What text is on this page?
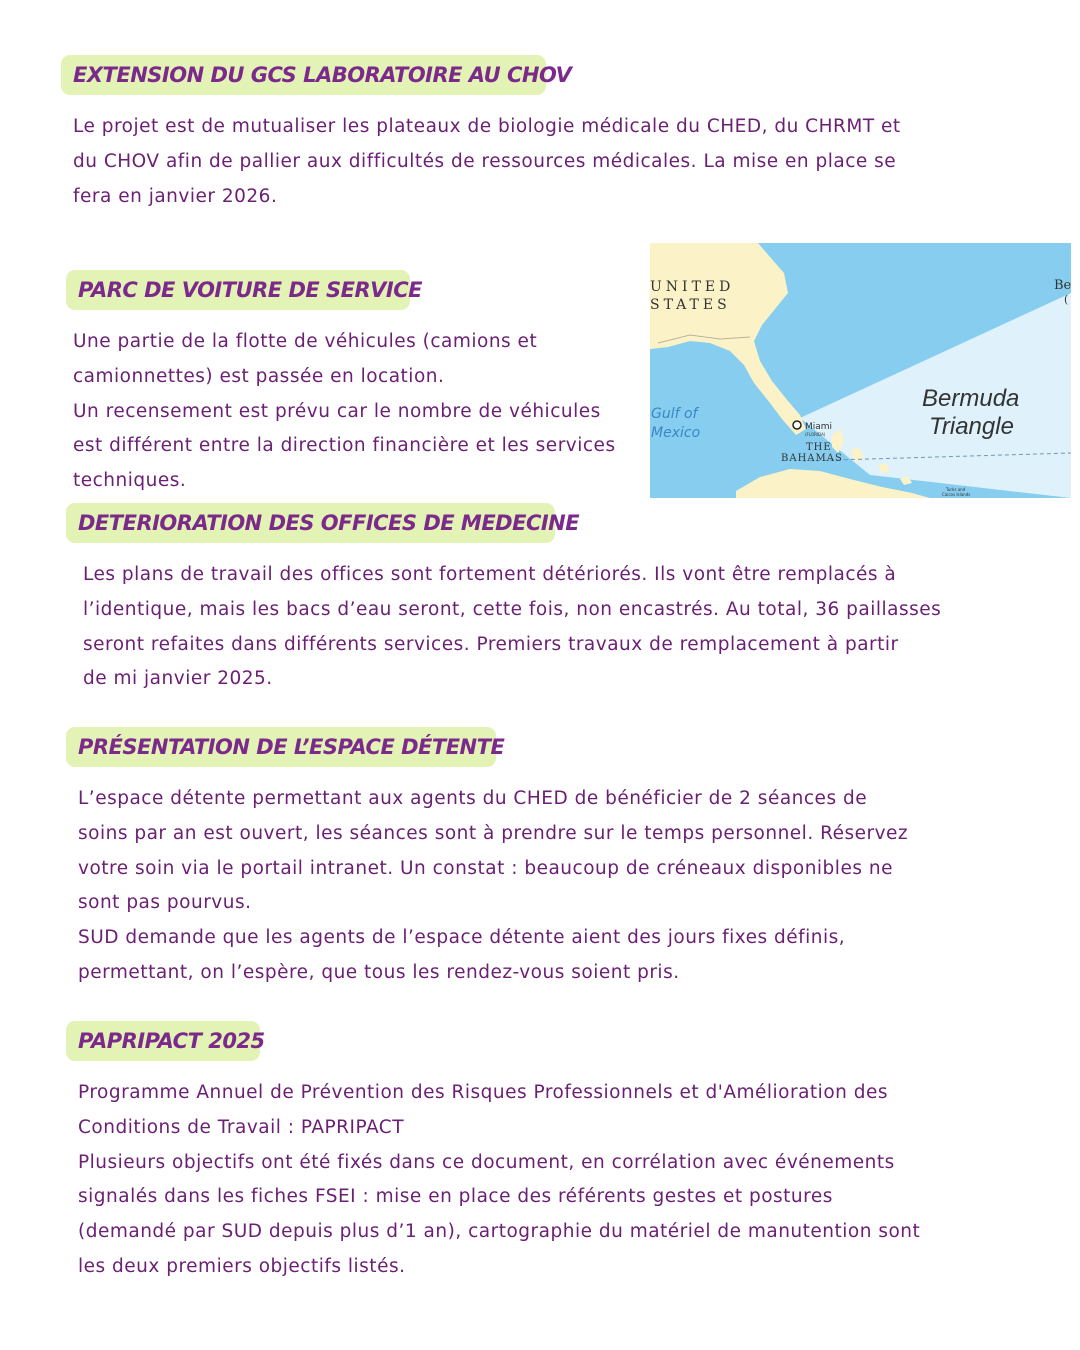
EXTENSION DU GCS LABORATOIRE AU CHOV
Le projet est de mutualiser les plateaux de biologie médicale du CHED, du CHRMT et
du CHOV afin de pallier aux difficultés de ressources médicales. La mise en place se
fera en janvier 2026.
PARC DE VOITURE DE SERVICE
Une partie de la flotte de véhicules (camions et
camionnettes) est passée en location.
Un recensement est prévu car le nombre de véhicules
est différent entre la direction financière et les services
techniques.
UNITED
STATES
Gulf of
Mexico	Miami
(FLORIDA)
THE
BAHAMAS
Bermuda
Triangle
Be
(
Turks and
Caicos Islands
DETERIORATION DES OFFICES DE MEDECINE
Les plans de travail des offices sont fortement détériorés. Ils vont être remplacés à
l’identique, mais les bacs d’eau seront, cette fois, non encastrés. Au total, 36 paillasses
seront refaites dans différents services. Premiers travaux de remplacement à partir
de mi janvier 2025.
PRÉSENTATION DE L’ESPACE DÉTENTE
L’espace détente permettant aux agents du CHED de bénéficier de 2 séances de
soins par an est ouvert, les séances sont à prendre sur le temps personnel. Réservez
votre soin via le portail intranet. Un constat : beaucoup de créneaux disponibles ne
sont pas pourvus.
SUD demande que les agents de l’espace détente aient des jours fixes définis,
permettant, on l’espère, que tous les rendez-vous soient pris.
PAPRIPACT 2025
Programme Annuel de Prévention des Risques Professionnels et d'Amélioration des
Conditions de Travail : PAPRIPACT
Plusieurs objectifs ont été fixés dans ce document, en corrélation avec événements
signalés dans les fiches FSEI : mise en place des référents gestes et postures
(demandé par SUD depuis plus d’1 an), cartographie du matériel de manutention sont
les deux premiers objectifs listés.
